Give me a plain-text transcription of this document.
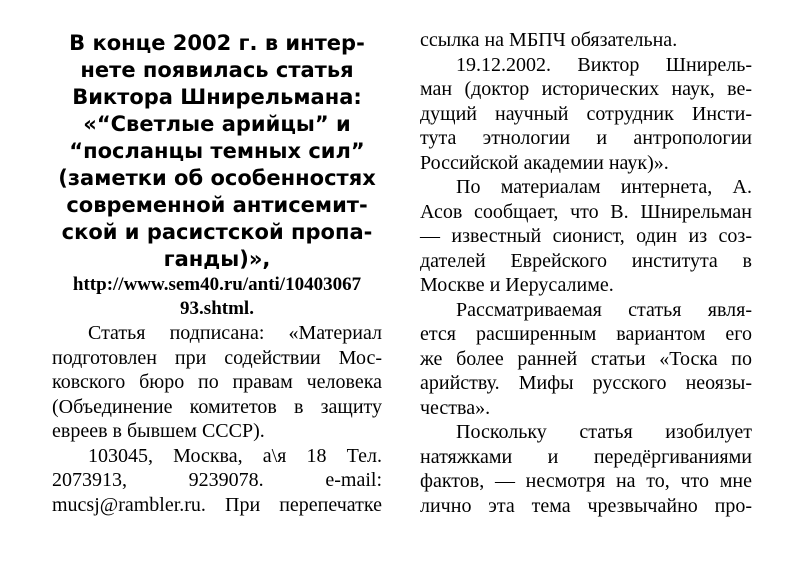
В конце 2002 г. в интер-
нете появилась статья
Виктора Шнирельмана:
«“Светлые арийцы” и
“посланцы темных сил”
(заметки об особенностях
современной антисемит-
ской и расистской пропа-
ганды)»,
http://www.sem40.ru/anti/10403067
93.shtml.
Статья подписана: «Материал
подготовлен при содействии Мос-
ковского бюро по правам человека
(Объединение комитетов в защиту
евреев в бывшем СССР).
103045, Москва, а\я 18 Тел.
2073913, 9239078. e-mail:
mucsj@rambler.ru. При перепечатке
ссылка на МБПЧ обязательна.
19.12.2002. Виктор Шнирель-
ман (доктор исторических наук, ве-
дущий научный сотрудник Инсти-
тута этнологии и антропологии
Российской академии наук)».
По материалам интернета, А.
Асов сообщает, что В. Шнирельман
— известный сионист, один из соз-
дателей Еврейского института в
Москве и Иерусалиме.
Рассматриваемая статья явля-
ется расширенным вариантом его
же более ранней статьи «Тоска по
арийству. Мифы русского неоязы-
чества».
Поскольку статья изобилует
натяжками и передёргиваниями
фактов, — несмотря на то, что мне
лично эта тема чрезвычайно про-
